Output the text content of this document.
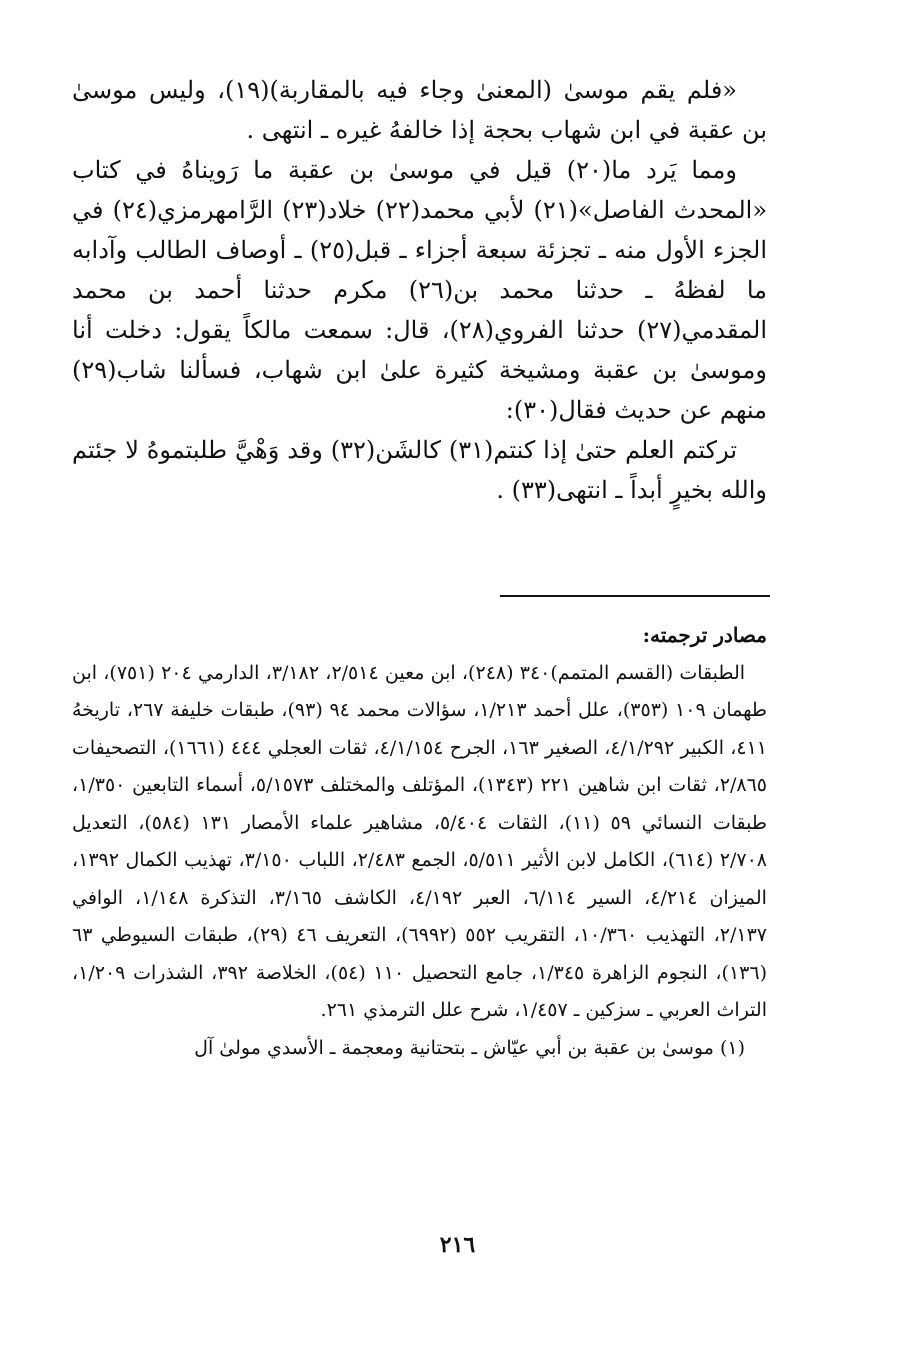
«فلم يقم موسىٰ (المعنىٰ وجاء فيه بالمقاربة)(١٩)، وليس موسىٰ بن عقبة في ابن شهاب بحجة إذا خالفهُ غيره ـ انتهى .

ومما يَرد ما(٢٠) قيل في موسىٰ بن عقبة ما رَويناهُ في كتاب «المحدث الفاصل»(٢١) لأبي محمد(٢٢) خلاد(٢٣) الرَّامهرمزي(٢٤) في الجزء الأول منه ـ تجزئة سبعة أجزاء ـ قبل(٢٥) ـ أوصاف الطالب وآدابه ما لفظهُ ـ حدثنا محمد بن(٢٦) مكرم حدثنا أحمد بن محمد المقدمي(٢٧) حدثنا الفروي(٢٨)، قال: سمعت مالكاً يقول: دخلت أنا وموسىٰ بن عقبة ومشيخة كثيرة علىٰ ابن شهاب، فسألنا شاب(٢٩) منهم عن حديث فقال(٣٠):

تركتم العلم حتىٰ إذا كنتم(٣١) كالشَن(٣٢) وقد وَهْيَّ طلبتموهُ لا جئتم والله بخيرٍ أبداً ـ انتهى(٣٣) .

مصادر ترجمته:

الطبقات (القسم المتمم)٣٤٠ (٢٤٨)، ابن معين ٢/٥١٤، ٣/١٨٢، الدارمي ٢٠٤ (٧٥١)، ابن طهمان ١٠٩ (٣٥٣)، علل أحمد ١/٢١٣، سؤالات محمد ٩٤ (٩٣)، طبقات خليفة ٢٦٧، تاريخهُ ٤١١، الكبير ٤/١/٢٩٢، الصغير ١٦٣، الجرح ٤/١/١٥٤، ثقات العجلي ٤٤٤ (١٦٦١)، التصحيفات ٢/٨٦٥، ثقات ابن شاهين ٢٢١ (١٣٤٣)، المؤتلف والمختلف ٥/١٥٧٣، أسماء التابعين ١/٣٥٠، طبقات النسائي ٥٩ (١١)، الثقات ٥/٤٠٤، مشاهير علماء الأمصار ١٣١ (٥٨٤)، التعديل ٢/٧٠٨ (٦١٤)، الكامل لابن الأثير ٥/٥١١، الجمع ٢/٤٨٣، اللباب ٣/١٥٠، تهذيب الكمال ١٣٩٢، الميزان ٤/٢١٤، السير ٦/١١٤، العبر ٤/١٩٢، الكاشف ٣/١٦٥، التذكرة ١/١٤٨، الوافي ٢/١٣٧، التهذيب ١٠/٣٦٠، التقريب ٥٥٢ (٦٩٩٢)، التعريف ٤٦ (٢٩)، طبقات السيوطي ٦٣ (١٣٦)، النجوم الزاهرة ١/٣٤٥، جامع التحصيل ١١٠ (٥٤)، الخلاصة ٣٩٢، الشذرات ١/٢٠٩، التراث العربي ـ سزكين ـ ١/٤٥٧، شرح علل الترمذي ٢٦١.

(١) موسىٰ بن عقبة بن أبي عيّاش ـ بتحتانية ومعجمة ـ الأسدي مولىٰ آل

٢١٦
